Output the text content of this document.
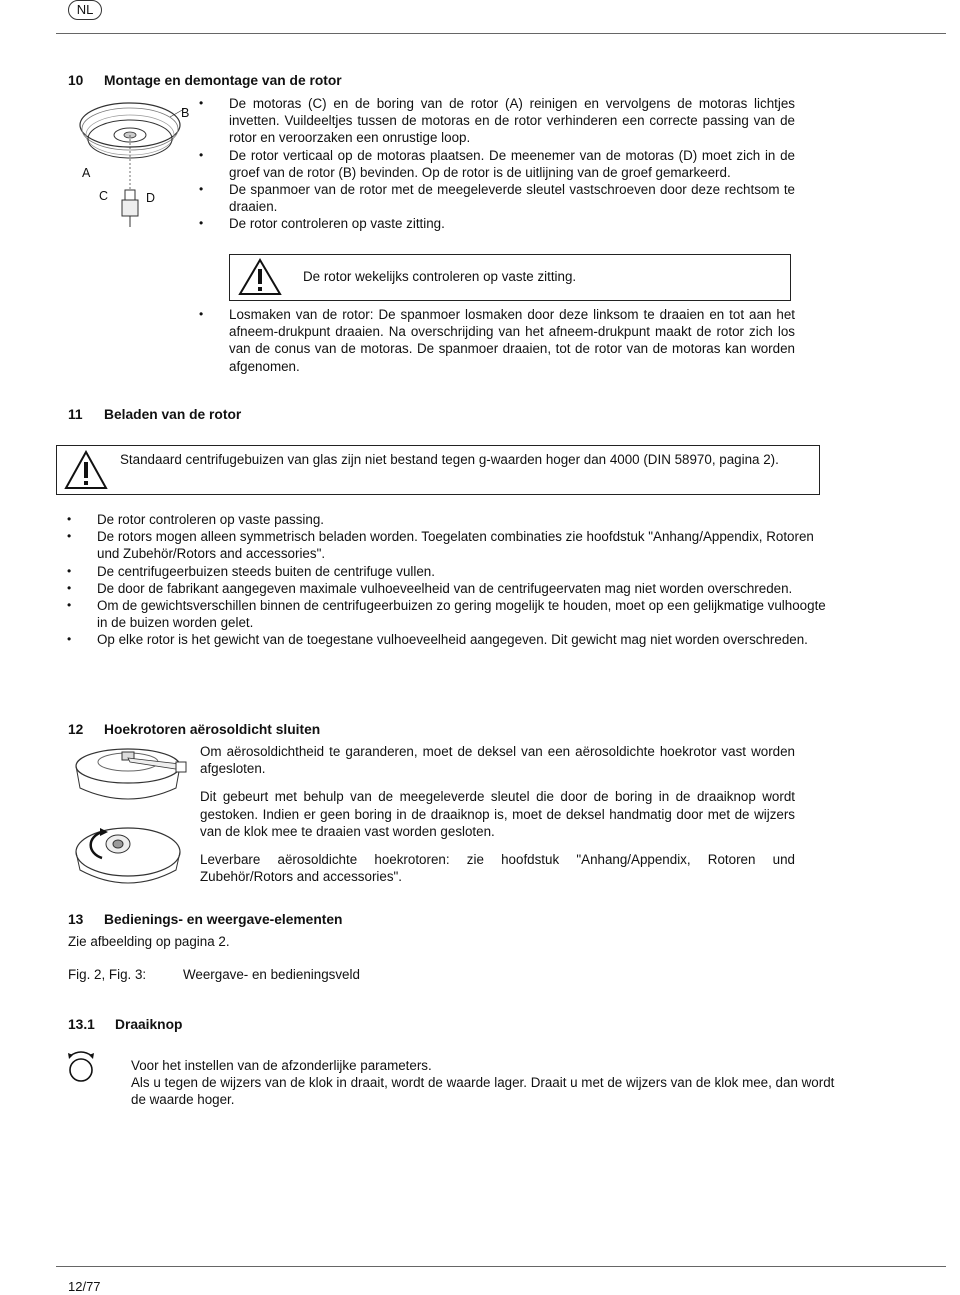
NL
10 Montage en demontage van de rotor
B
A
C	D
• De motoras (C) en de boring van de rotor (A) reinigen en vervolgens de motoras lichtjes invetten. Vuildeeltjes tussen de motoras en de rotor verhinderen een correcte passing van de rotor en veroorzaken een onrustige loop.
• De rotor verticaal op de motoras plaatsen. De meenemer van de motoras (D) moet zich in de groef van de rotor (B) bevinden. Op de rotor is de uitlijning van de groef gemarkeerd.
• De spanmoer van de rotor met de meegeleverde sleutel vastschroeven door deze rechtsom te draaien.
• De rotor controleren op vaste zitting.
De rotor wekelijks controleren op vaste zitting.
• Losmaken van de rotor: De spanmoer losmaken door deze linksom te draaien en tot aan het afneem-drukpunt draaien. Na overschrijding van het afneem-drukpunt maakt de rotor zich los van de conus van de motoras. De spanmoer draaien, tot de rotor van de motoras kan worden afgenomen.
11 Beladen van de rotor
Standaard centrifugebuizen van glas zijn niet bestand tegen g-waarden hoger dan 4000 (DIN 58970, pagina 2).
• De rotor controleren op vaste passing.
• De rotors mogen alleen symmetrisch beladen worden. Toegelaten combinaties zie hoofdstuk "Anhang/Appendix, Rotoren und Zubehör/Rotors and accessories".
• De centrifugeerbuizen steeds buiten de centrifuge vullen.
• De door de fabrikant aangegeven maximale vulhoeveelheid van de centrifugeervaten mag niet worden overschreden.
• Om de gewichtsverschillen binnen de centrifugeerbuizen zo gering mogelijk te houden, moet op een gelijkmatige vulhoogte in de buizen worden gelet.
• Op elke rotor is het gewicht van de toegestane vulhoeveelheid aangegeven. Dit gewicht mag niet worden overschreden.
12 Hoekrotoren aërosoldicht sluiten

Om aërosoldichtheid te garanderen, moet de deksel van een aërosoldichte hoekrotor vast worden afgesloten.

Dit gebeurt met behulp van de meegeleverde sleutel die door de boring in de draaiknop wordt gestoken. Indien er geen boring in de draaiknop is, moet de deksel handmatig door met de wijzers van de klok mee te draaien vast worden gesloten.

Leverbare aërosoldichte hoekrotoren: zie hoofdstuk "Anhang/Appendix, Rotoren und Zubehör/Rotors and accessories".

13 Bedienings- en weergave-elementen
Zie afbeelding op pagina 2.
Fig. 2, Fig. 3:	Weergave- en bedieningsveld
13.1 Draaiknop

Voor het instellen van de afzonderlijke parameters.

Als u tegen de wijzers van de klok in draait, wordt de waarde lager. Draait u met de wijzers van de klok mee, dan wordt de waarde hoger.

12/77
